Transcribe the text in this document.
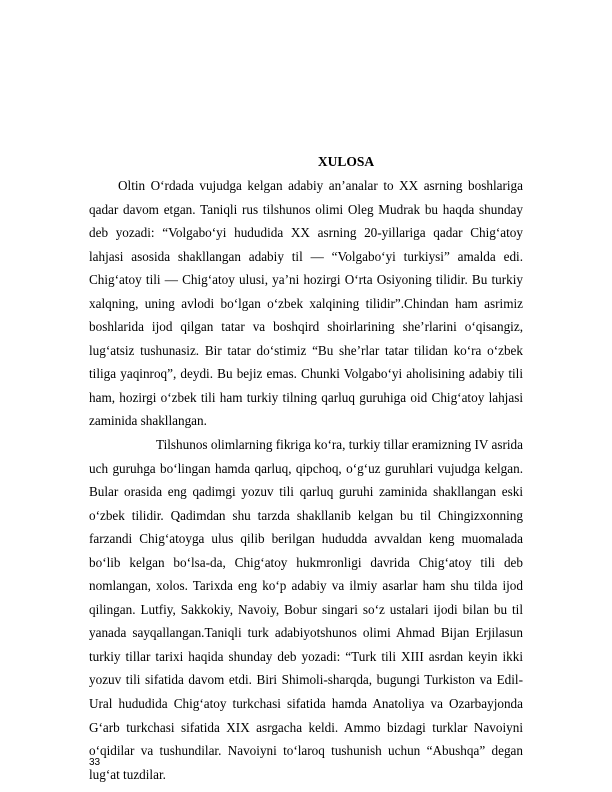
XULOSA

Oltin O‘rdada vujudga kelgan adabiy an’analar to XX asrning boshlariga qadar davom etgan. Taniqli rus tilshunos olimi Oleg Mudrak bu haqda shunday deb yozadi: “Volgabo‘yi hududida XX asrning 20-yillariga qadar Chig‘atoy lahjasi asosida shakllangan adabiy til — “Volgabo‘yi turkiysi” amalda edi. Chig‘atoy tili — Chig‘atoy ulusi, ya’ni hozirgi O‘rta Osiyoning tilidir. Bu turkiy xalqning, uning avlodi bo‘lgan o‘zbek xalqining tilidir”.Chindan ham asrimiz boshlarida ijod qilgan tatar va boshqird shoirlarining she’rlarini o‘qisangiz, lug‘atsiz tushunasiz. Bir tatar do‘stimiz “Bu she’rlar tatar tilidan ko‘ra o‘zbek tiliga yaqinroq”, deydi. Bu bejiz emas. Chunki Volgabo‘yi aholisining adabiy tili ham, hozirgi o‘zbek tili ham turkiy tilning qarluq guruhiga oid Chig‘atoy lahjasi zaminida shakllangan.

Tilshunos olimlarning fikriga ko‘ra, turkiy tillar eramizning IV asrida uch guruhga bo‘lingan hamda qarluq, qipchoq, o‘g‘uz guruhlari vujudga kelgan. Bular orasida eng qadimgi yozuv tili qarluq guruhi zaminida shakllangan eski o‘zbek tilidir. Qadimdan shu tarzda shakllanib kelgan bu til Chingizxonning farzandi Chig‘atoyga ulus qilib berilgan hududda avvaldan keng muomalada bo‘lib kelgan bo‘lsa-da, Chig‘atoy hukmronligi davrida Chig‘atoy tili deb nomlangan, xolos. Tarixda eng ko‘p adabiy va ilmiy asarlar ham shu tilda ijod qilingan. Lutfiy, Sakkokiy, Navoiy, Bobur singari so‘z ustalari ijodi bilan bu til yanada sayqallangan.Taniqli turk adabiyotshunos olimi Ahmad Bijan Erjilasun turkiy tillar tarixi haqida shunday deb yozadi: “Turk tili XIII asrdan keyin ikki yozuv tili sifatida davom etdi. Biri Shimoli-sharqda, bugungi Turkiston va Edil-Ural hududida Chig‘atoy turkchasi sifatida hamda Anatoliya va Ozarbayjonda G‘arb turkchasi sifatida XIX asrgacha keldi. Ammo bizdagi turklar Navoiyni o‘qidilar va tushundilar. Navoiyni to‘laroq tushunish uchun “Abushqa” degan lug‘at tuzdilar.

33
